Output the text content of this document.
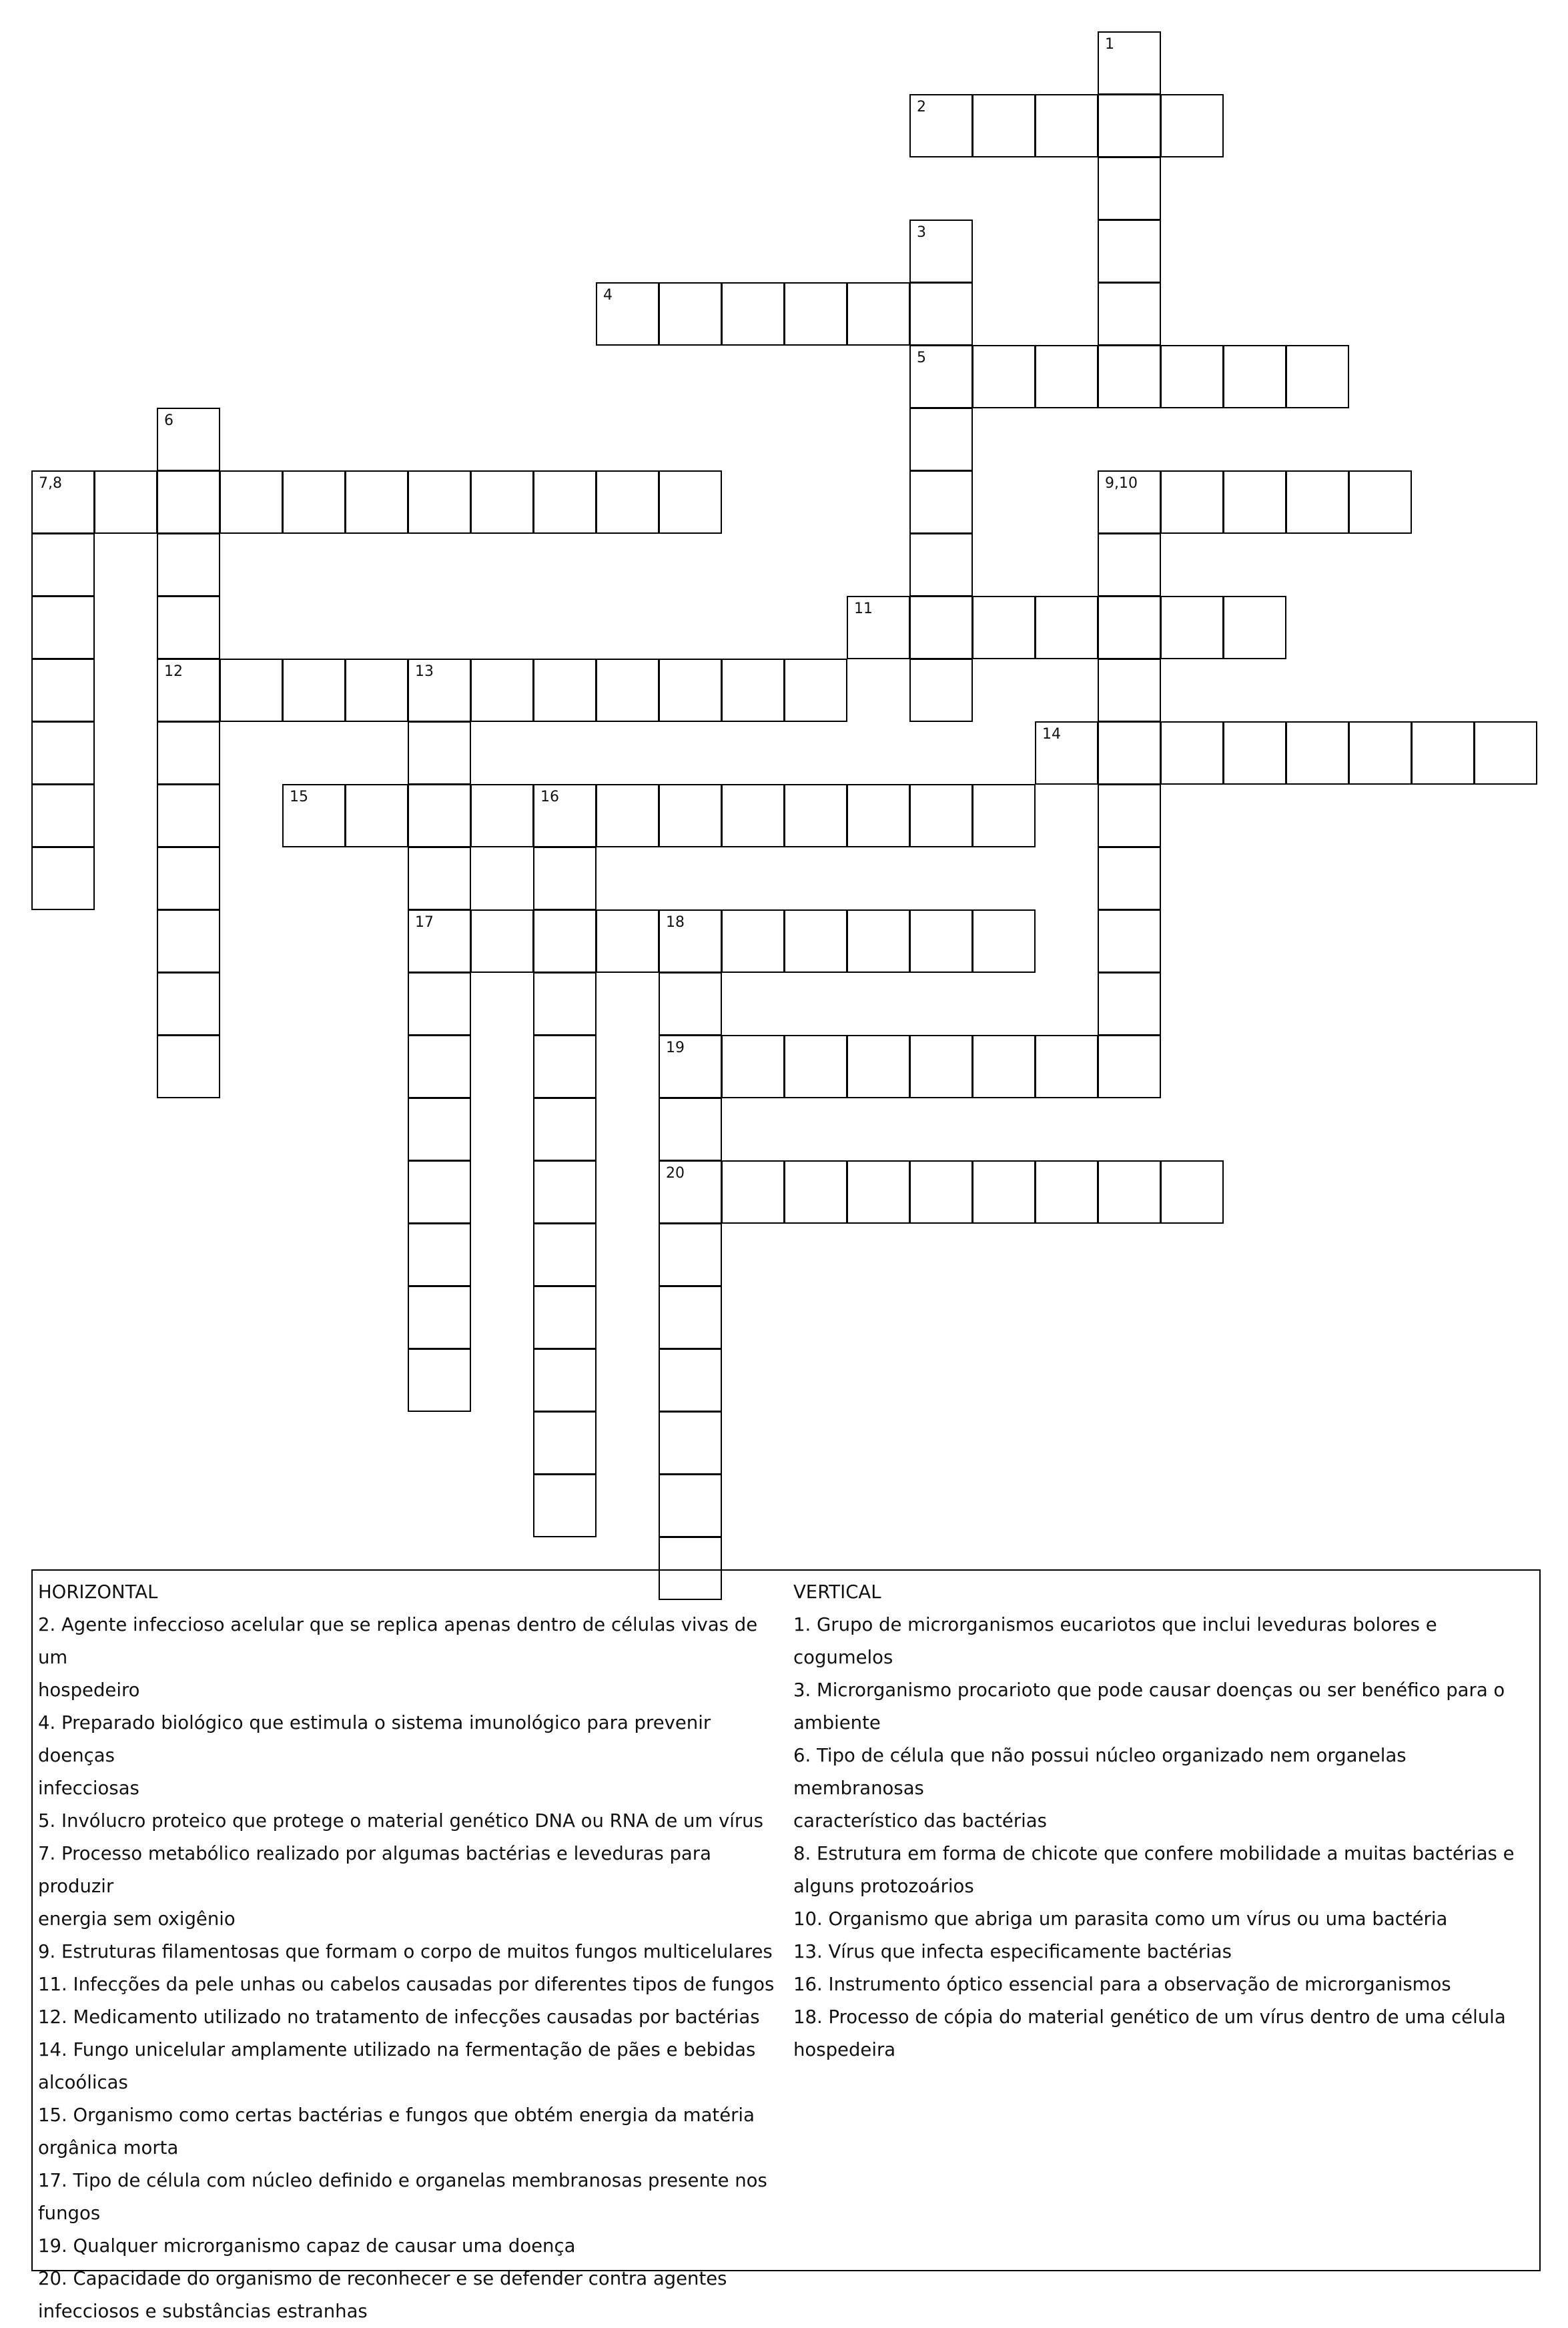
1
2
3
5
4
6
12
7,8	9,10
11
13
17
14
15	16
18
19
20

HORIZONTAL

2. Agente infeccioso acelular que se replica apenas dentro de células vivas de um

hospedeiro

4. Preparado biológico que estimula o sistema imunológico para prevenir doenças

infecciosas

5. Invólucro proteico que protege o material genético DNA ou RNA de um vírus

7. Processo metabólico realizado por algumas bactérias e leveduras para produzir

energia sem oxigênio

9. Estruturas filamentosas que formam o corpo de muitos fungos multicelulares

11. Infecções da pele unhas ou cabelos causadas por diferentes tipos de fungos

12. Medicamento utilizado no tratamento de infecções causadas por bactérias

14. Fungo unicelular amplamente utilizado na fermentação de pães e bebidas

alcoólicas

15. Organismo como certas bactérias e fungos que obtém energia da matéria

orgânica morta

17. Tipo de célula com núcleo definido e organelas membranosas presente nos

fungos

19. Qualquer microrganismo capaz de causar uma doença

20. Capacidade do organismo de reconhecer e se defender contra agentes

infecciosos e substâncias estranhas

VERTICAL

1. Grupo de microrganismos eucariotos que inclui leveduras bolores e cogumelos

3. Microrganismo procarioto que pode causar doenças ou ser benéfico para o

ambiente

6. Tipo de célula que não possui núcleo organizado nem organelas membranosas

característico das bactérias

8. Estrutura em forma de chicote que confere mobilidade a muitas bactérias e

alguns protozoários

10. Organismo que abriga um parasita como um vírus ou uma bactéria

13. Vírus que infecta especificamente bactérias

16. Instrumento óptico essencial para a observação de microrganismos

18. Processo de cópia do material genético de um vírus dentro de uma célula

hospedeira
